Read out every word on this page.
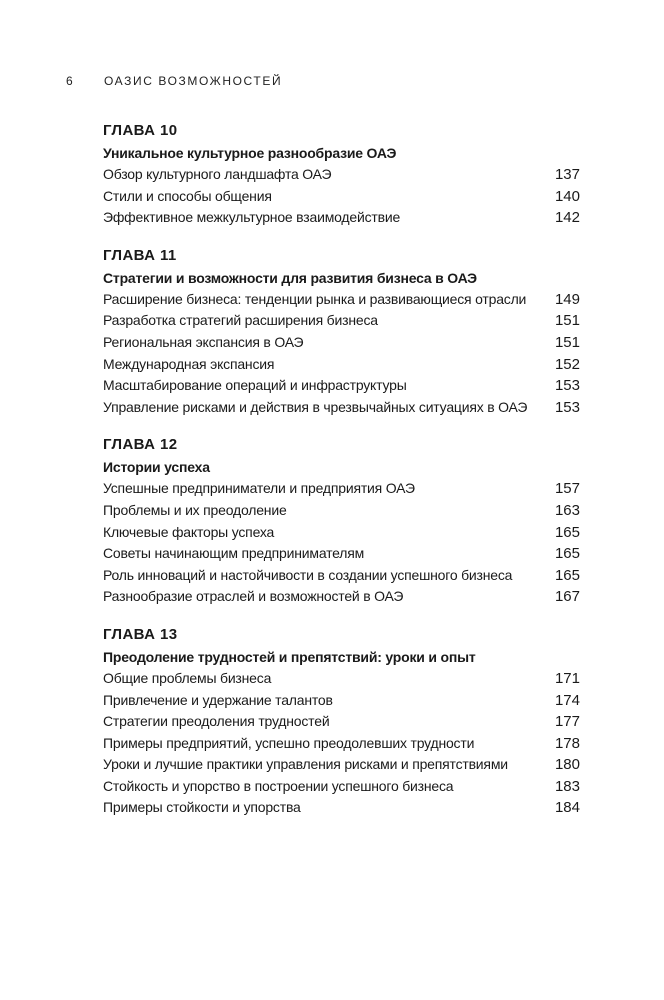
6	ОАЗИС ВОЗМОЖНОСТЕЙ
ГЛАВА 10
Уникальное культурное разнообразие ОАЭ
Обзор культурного ландшафта ОАЭ	137
Стили и способы общения	140
Эффективное межкультурное взаимодействие	142
ГЛАВА 11
Стратегии и возможности для развития бизнеса в ОАЭ
Расширение бизнеса: тенденции рынка и развивающиеся отрасли	149
Разработка стратегий расширения бизнеса	151
Региональная экспансия в ОАЭ	151
Международная экспансия	152
Масштабирование операций и инфраструктуры	153
Управление рисками и действия в чрезвычайных ситуациях в ОАЭ	153
ГЛАВА 12
Истории успеха
Успешные предприниматели и предприятия ОАЭ	157
Проблемы и их преодоление	163
Ключевые факторы успеха	165
Советы начинающим предпринимателям	165
Роль инноваций и настойчивости в создании успешного бизнеса	165
Разнообразие отраслей и возможностей в ОАЭ	167
ГЛАВА 13
Преодоление трудностей и препятствий: уроки и опыт
Общие проблемы бизнеса	171
Привлечение и удержание талантов	174
Стратегии преодоления трудностей	177
Примеры предприятий, успешно преодолевших трудности	178
Уроки и лучшие практики управления рисками и препятствиями	180
Стойкость и упорство в построении успешного бизнеса	183
Примеры стойкости и упорства	184
